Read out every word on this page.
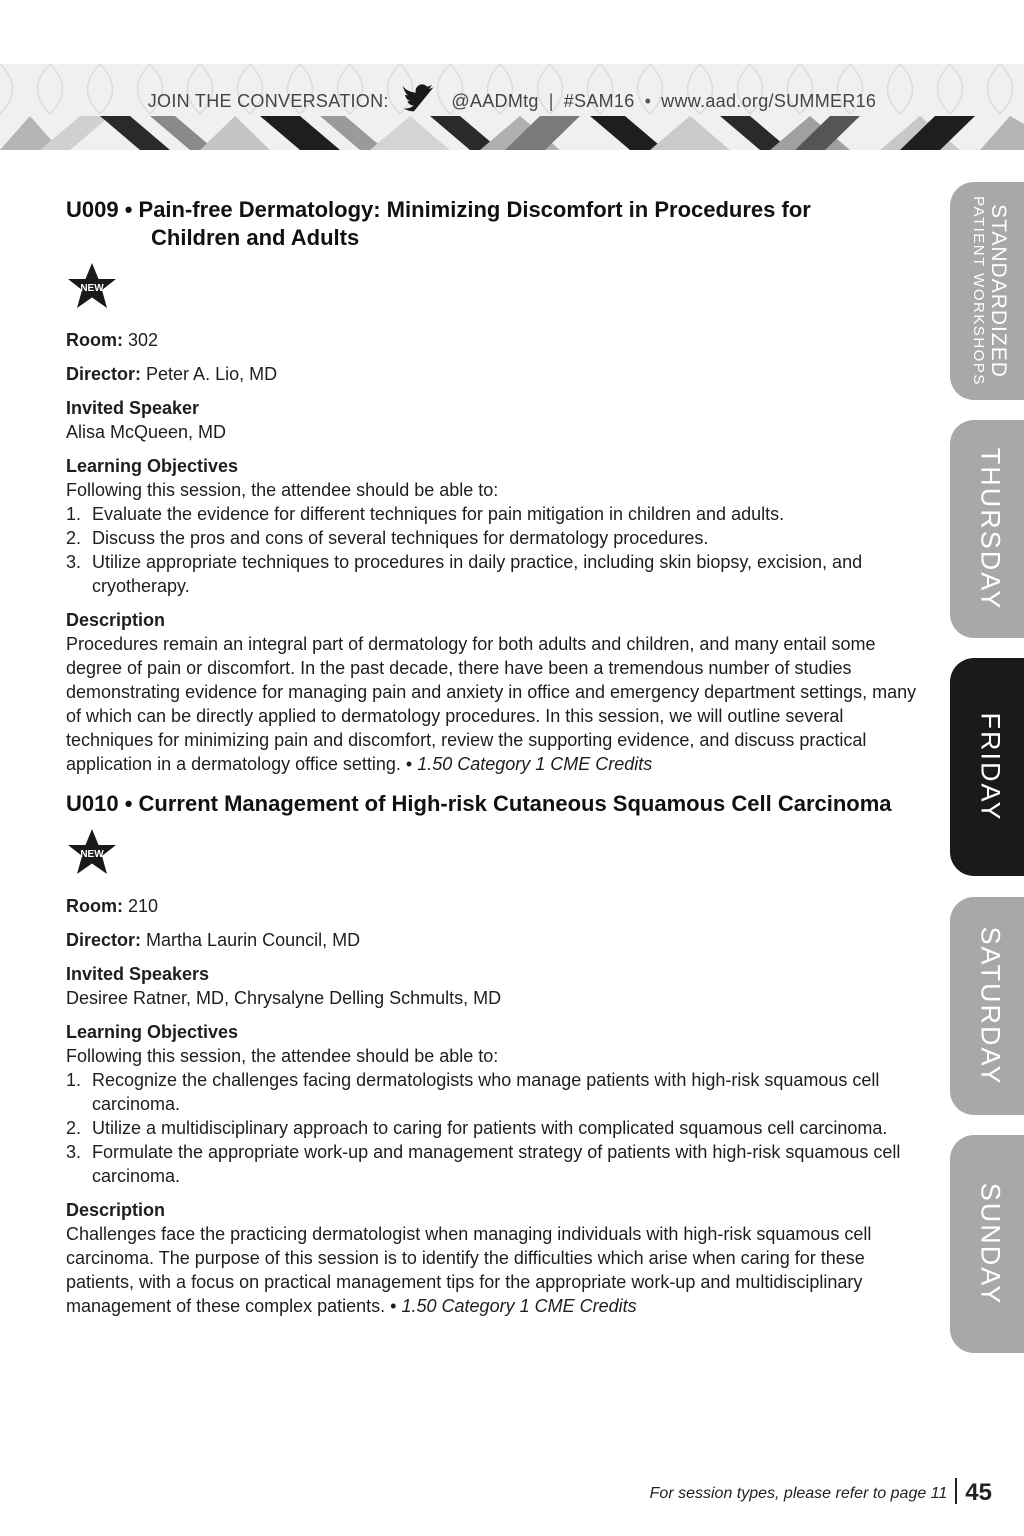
JOIN THE CONVERSATION:	@AADMtg | #SAM16 • www.aad.org/SUMMER16
STANDARDIZED
PATIENT WORKSHOPS
THURSDAY
FRIDAY
SATURDAY
SUNDAY
U009 • Pain-free Dermatology: Minimizing Discomfort in Procedures for
Children and Adults
NEW

Room: 302

Director: Peter A. Lio, MD

Invited Speaker

Alisa McQueen, MD

Learning Objectives

Following this session, the attendee should be able to:

1. Evaluate the evidence for different techniques for pain mitigation in children and adults.
2. Discuss the pros and cons of several techniques for dermatology procedures.
3. Utilize appropriate techniques to procedures in daily practice, including skin biopsy, excision, and cryotherapy.

Description

Procedures remain an integral part of dermatology for both adults and children, and many entail some degree of pain or discomfort. In the past decade, there have been a tremendous number of studies demonstrating evidence for managing pain and anxiety in office and emergency department settings, many of which can be directly applied to dermatology procedures. In this session, we will outline several techniques for minimizing pain and discomfort, review the supporting evidence, and discuss practical application in a dermatology office setting. • 1.50 Category 1 CME Credits

U010 • Current Management of High-risk Cutaneous Squamous Cell Carcinoma
NEW

Room: 210

Director: Martha Laurin Council, MD

Invited Speakers

Desiree Ratner, MD, Chrysalyne Delling Schmults, MD

Learning Objectives

Following this session, the attendee should be able to:

1. Recognize the challenges facing dermatologists who manage patients with high-risk squamous cell carcinoma.
2. Utilize a multidisciplinary approach to caring for patients with complicated squamous cell carcinoma.
3. Formulate the appropriate work-up and management strategy of patients with high-risk squamous cell carcinoma.

Description

Challenges face the practicing dermatologist when managing individuals with high-risk squamous cell carcinoma. The purpose of this session is to identify the difficulties which arise when caring for these patients, with a focus on practical management tips for the appropriate work-up and multidisciplinary management of these complex patients. • 1.50 Category 1 CME Credits

For session types, please refer to page 11 45
